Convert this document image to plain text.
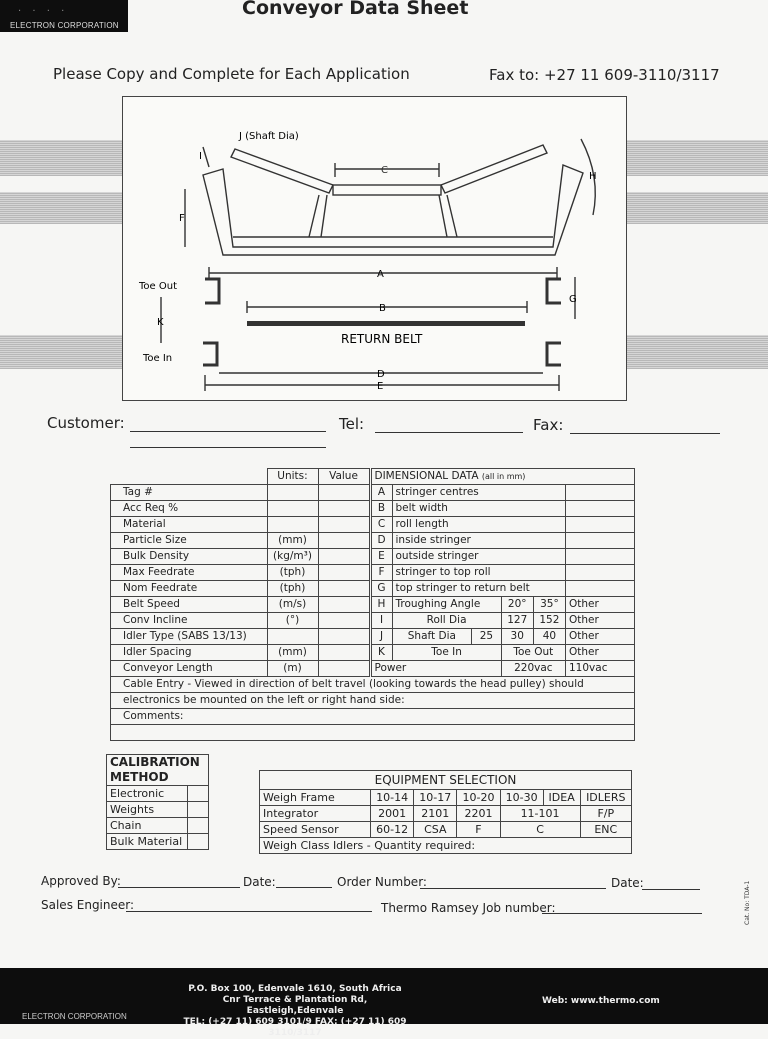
· · · ·
ELECTRON CORPORATION
Conveyor Data Sheet
Please Copy and Complete for Each Application	Fax to: +27 11 609-3110/3117
J (Shaft Dia)
C
H
F
I
A
B
G
K
D
E
Toe Out
Toe In
RETURN BELT
Customer:	Tel:	Fax:
	Units:	Value	DIMENSIONAL DATA (all in mm)					
Tag #			A	stringer centres				
Acc Req %			B	belt width				
Material			C	roll length				
Particle Size	(mm)		D	inside stringer				
Bulk Density	(kg/m³)		E	outside stringer				
Max Feedrate	(tph)		F	stringer to top roll				
Nom Feedrate	(tph)		G	top stringer to return belt				
Belt Speed	(m/s)		H	Troughing Angle		20°	35°	Other
Conv Incline	(°)		I	Roll Dia		127	152	Other
Idler Type (SABS 13/13)			J	Shaft Dia	25	30	40	Other
Idler Spacing	(mm)		K	Toe In		Toe Out		Other
Conveyor Length	(m)		Power			220vac		110vac
Cable Entry - Viewed in direction of belt travel (looking towards the head pulley) should								
electronics be mounted on the left or right hand side:								
Comments:								

CALIBRATION	
METHOD	
Electronic	
Weights	
Chain	
Bulk Material	
EQUIPMENT SELECTION						
Weigh Frame	10-14	10-17	10-20	10-30	IDEA	IDLERS
Integrator	2001	2101	2201	11-101		F/P
Speed Sensor	60-12	CSA	F	C		ENC
Weigh Class Idlers - Quantity required:						
Approved By:	Date:	Order Number:	Date:
Sales Engineer:	Thermo Ramsey Job number:	Cat. No: TDA-1
P.O. Box 100, Edenvale 1610, South Africa
Cnr Terrace & Plantation Rd,
Eastleigh,Edenvale
TEL: (+27 11) 609 3101/9 FAX: (+27 11) 609 3110/3117
Web: www.thermo.com
ELECTRON CORPORATION
